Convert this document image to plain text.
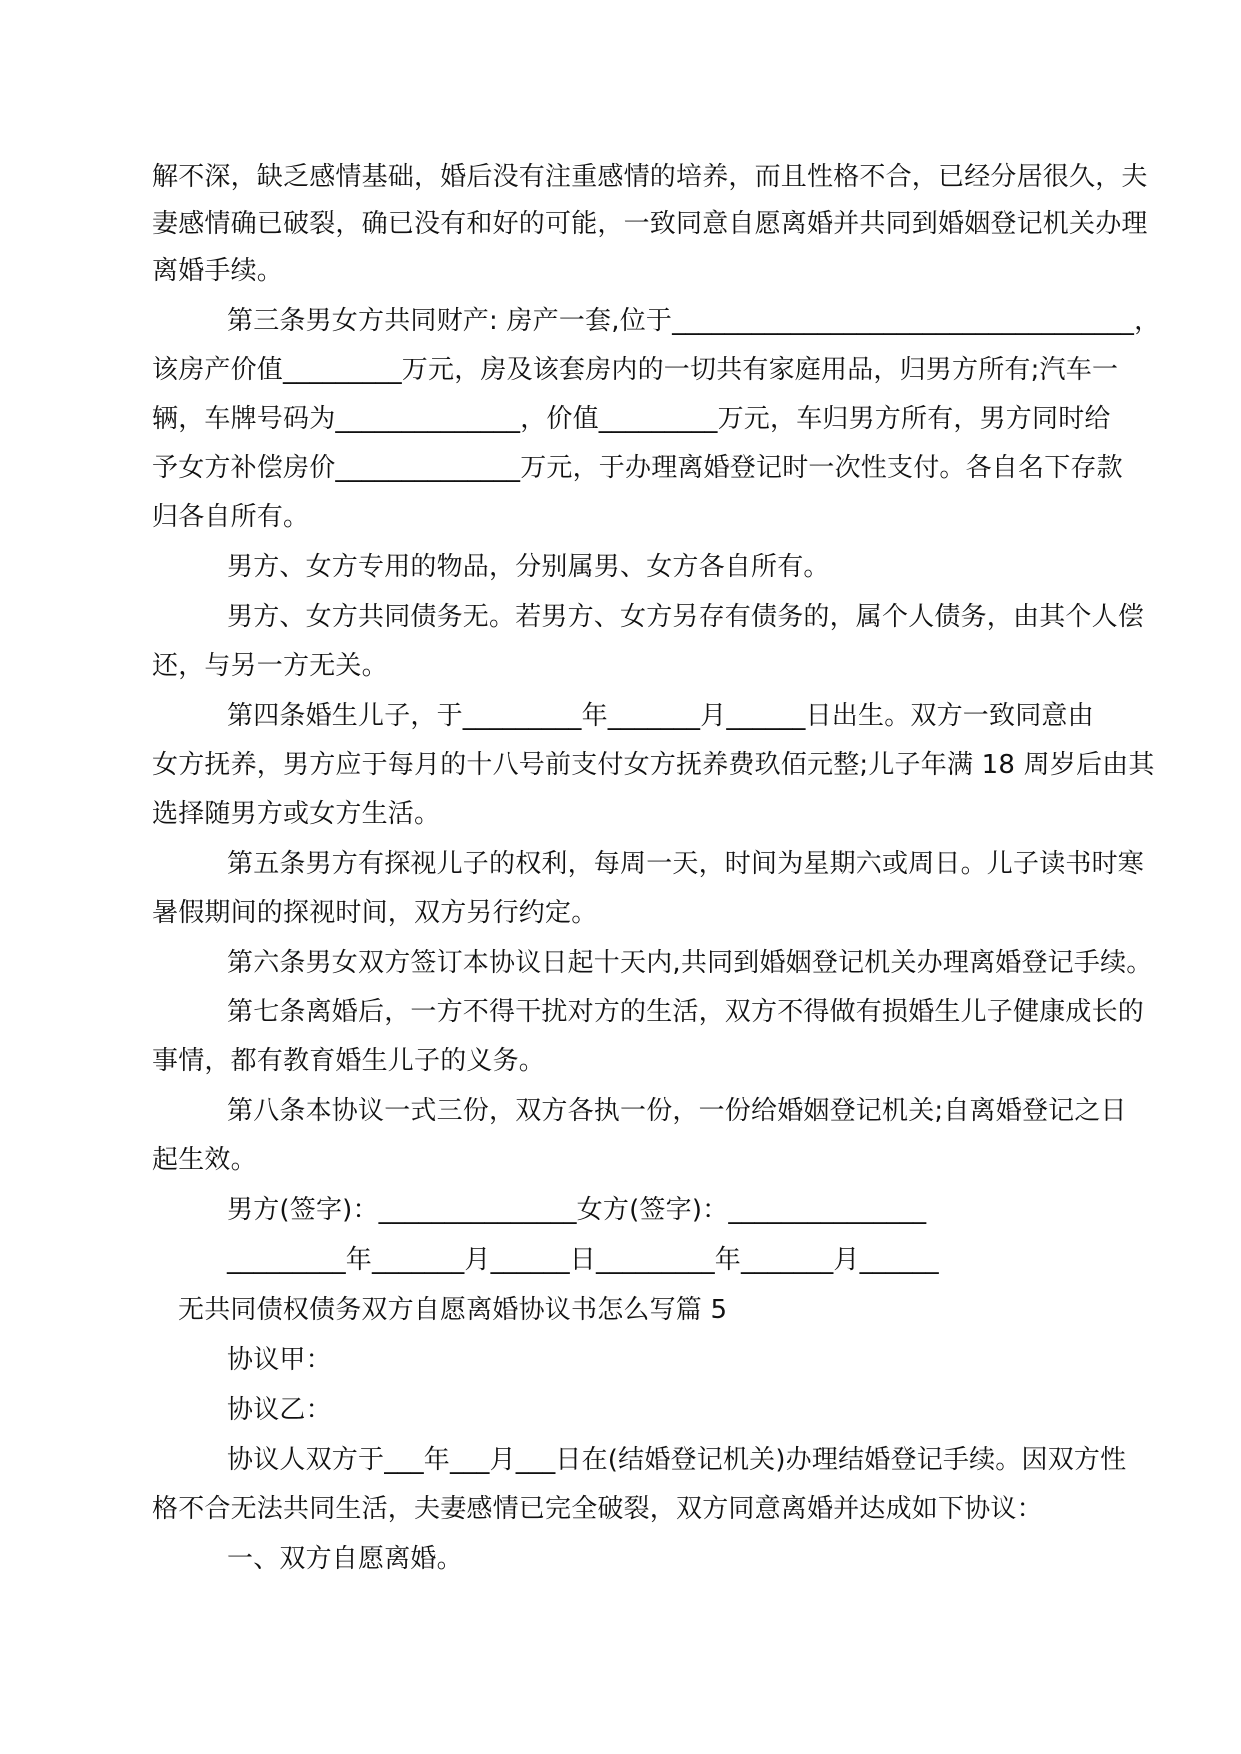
解不深，缺乏感情基础，婚后没有注重感情的培养，而且性格不合，已经分居很久，夫
妻感情确已破裂，确已没有和好的可能，一致同意自愿离婚并共同到婚姻登记机关办理
离婚手续。
第三条男女方共同财产: 房产一套,位于___________________________________，
该房产价值_________万元，房及该套房内的一切共有家庭用品，归男方所有;汽车一
辆，车牌号码为______________，价值_________万元，车归男方所有，男方同时给
予女方补偿房价______________万元，于办理离婚登记时一次性支付。各自名下存款
归各自所有。
男方、女方专用的物品，分别属男、女方各自所有。
男方、女方共同债务无。若男方、女方另存有债务的，属个人债务，由其个人偿
还，与另一方无关。
第四条婚生儿子，于_________年_______月______日出生。双方一致同意由
女方抚养，男方应于每月的十八号前支付女方抚养费玖佰元整;儿子年满 18 周岁后由其
选择随男方或女方生活。
第五条男方有探视儿子的权利，每周一天，时间为星期六或周日。儿子读书时寒
暑假期间的探视时间，双方另行约定。
第六条男女双方签订本协议日起十天内,共同到婚姻登记机关办理离婚登记手续。
第七条离婚后，一方不得干扰对方的生活，双方不得做有损婚生儿子健康成长的
事情，都有教育婚生儿子的义务。
第八条本协议一式三份，双方各执一份，一份给婚姻登记机关;自离婚登记之日
起生效。
男方(签字)：_______________女方(签字)：_______________
_________年_______月______日_________年_______月______
无共同债权债务双方自愿离婚协议书怎么写篇 5
协议甲：
协议乙：
协议人双方于___年___月___日在(结婚登记机关)办理结婚登记手续。因双方性
格不合无法共同生活，夫妻感情已完全破裂，双方同意离婚并达成如下协议：
一、双方自愿离婚。
